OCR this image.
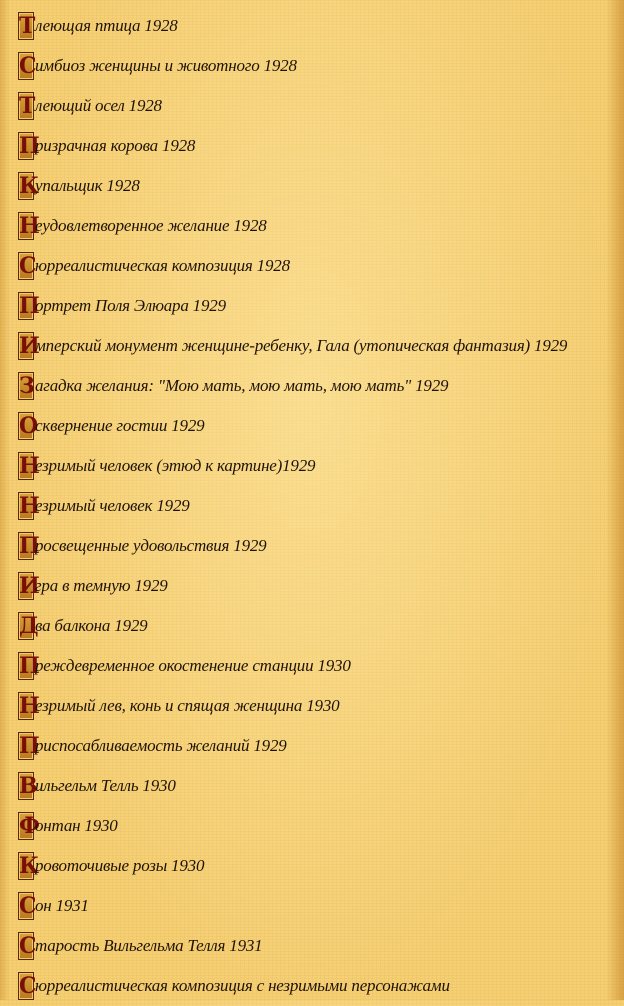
Т леющая птица 1928
С
имбиоз женщины и животного 1928
Т леющий осел 1928
П
ризрачная корова 1928
К
упальщик 1928
Н
еудовлетворенное желание 1928
С
юрреалистическая композиция 1928
П
ортрет Поля Элюара 1929
И
мперский монумент женщине-ребенку, Гала (утопическая фантазия) 1929
З агадка желания: "Мою мать, мою мать, мою мать" 1929
О
сквернение гостии 1929
Н
езримый человек (этюд к картине)1929
Н
езримый человек 1929
П
росвещенные удовольствия 1929
И
гра в темную 1929
Д
ва балкона 1929
П
реждевременное окостенение станции 1930
Н
езримый лев, конь и спящая женщина 1930
П
риспосабливаемость желаний 1929
В
ильгельм Телль 1930
Ф
онтан 1930
К
ровоточивые розы 1930
С
он 1931
С
тарость Вильгельма Телля 1931
С
юрреалистическая композиция с незримыми персонажами
